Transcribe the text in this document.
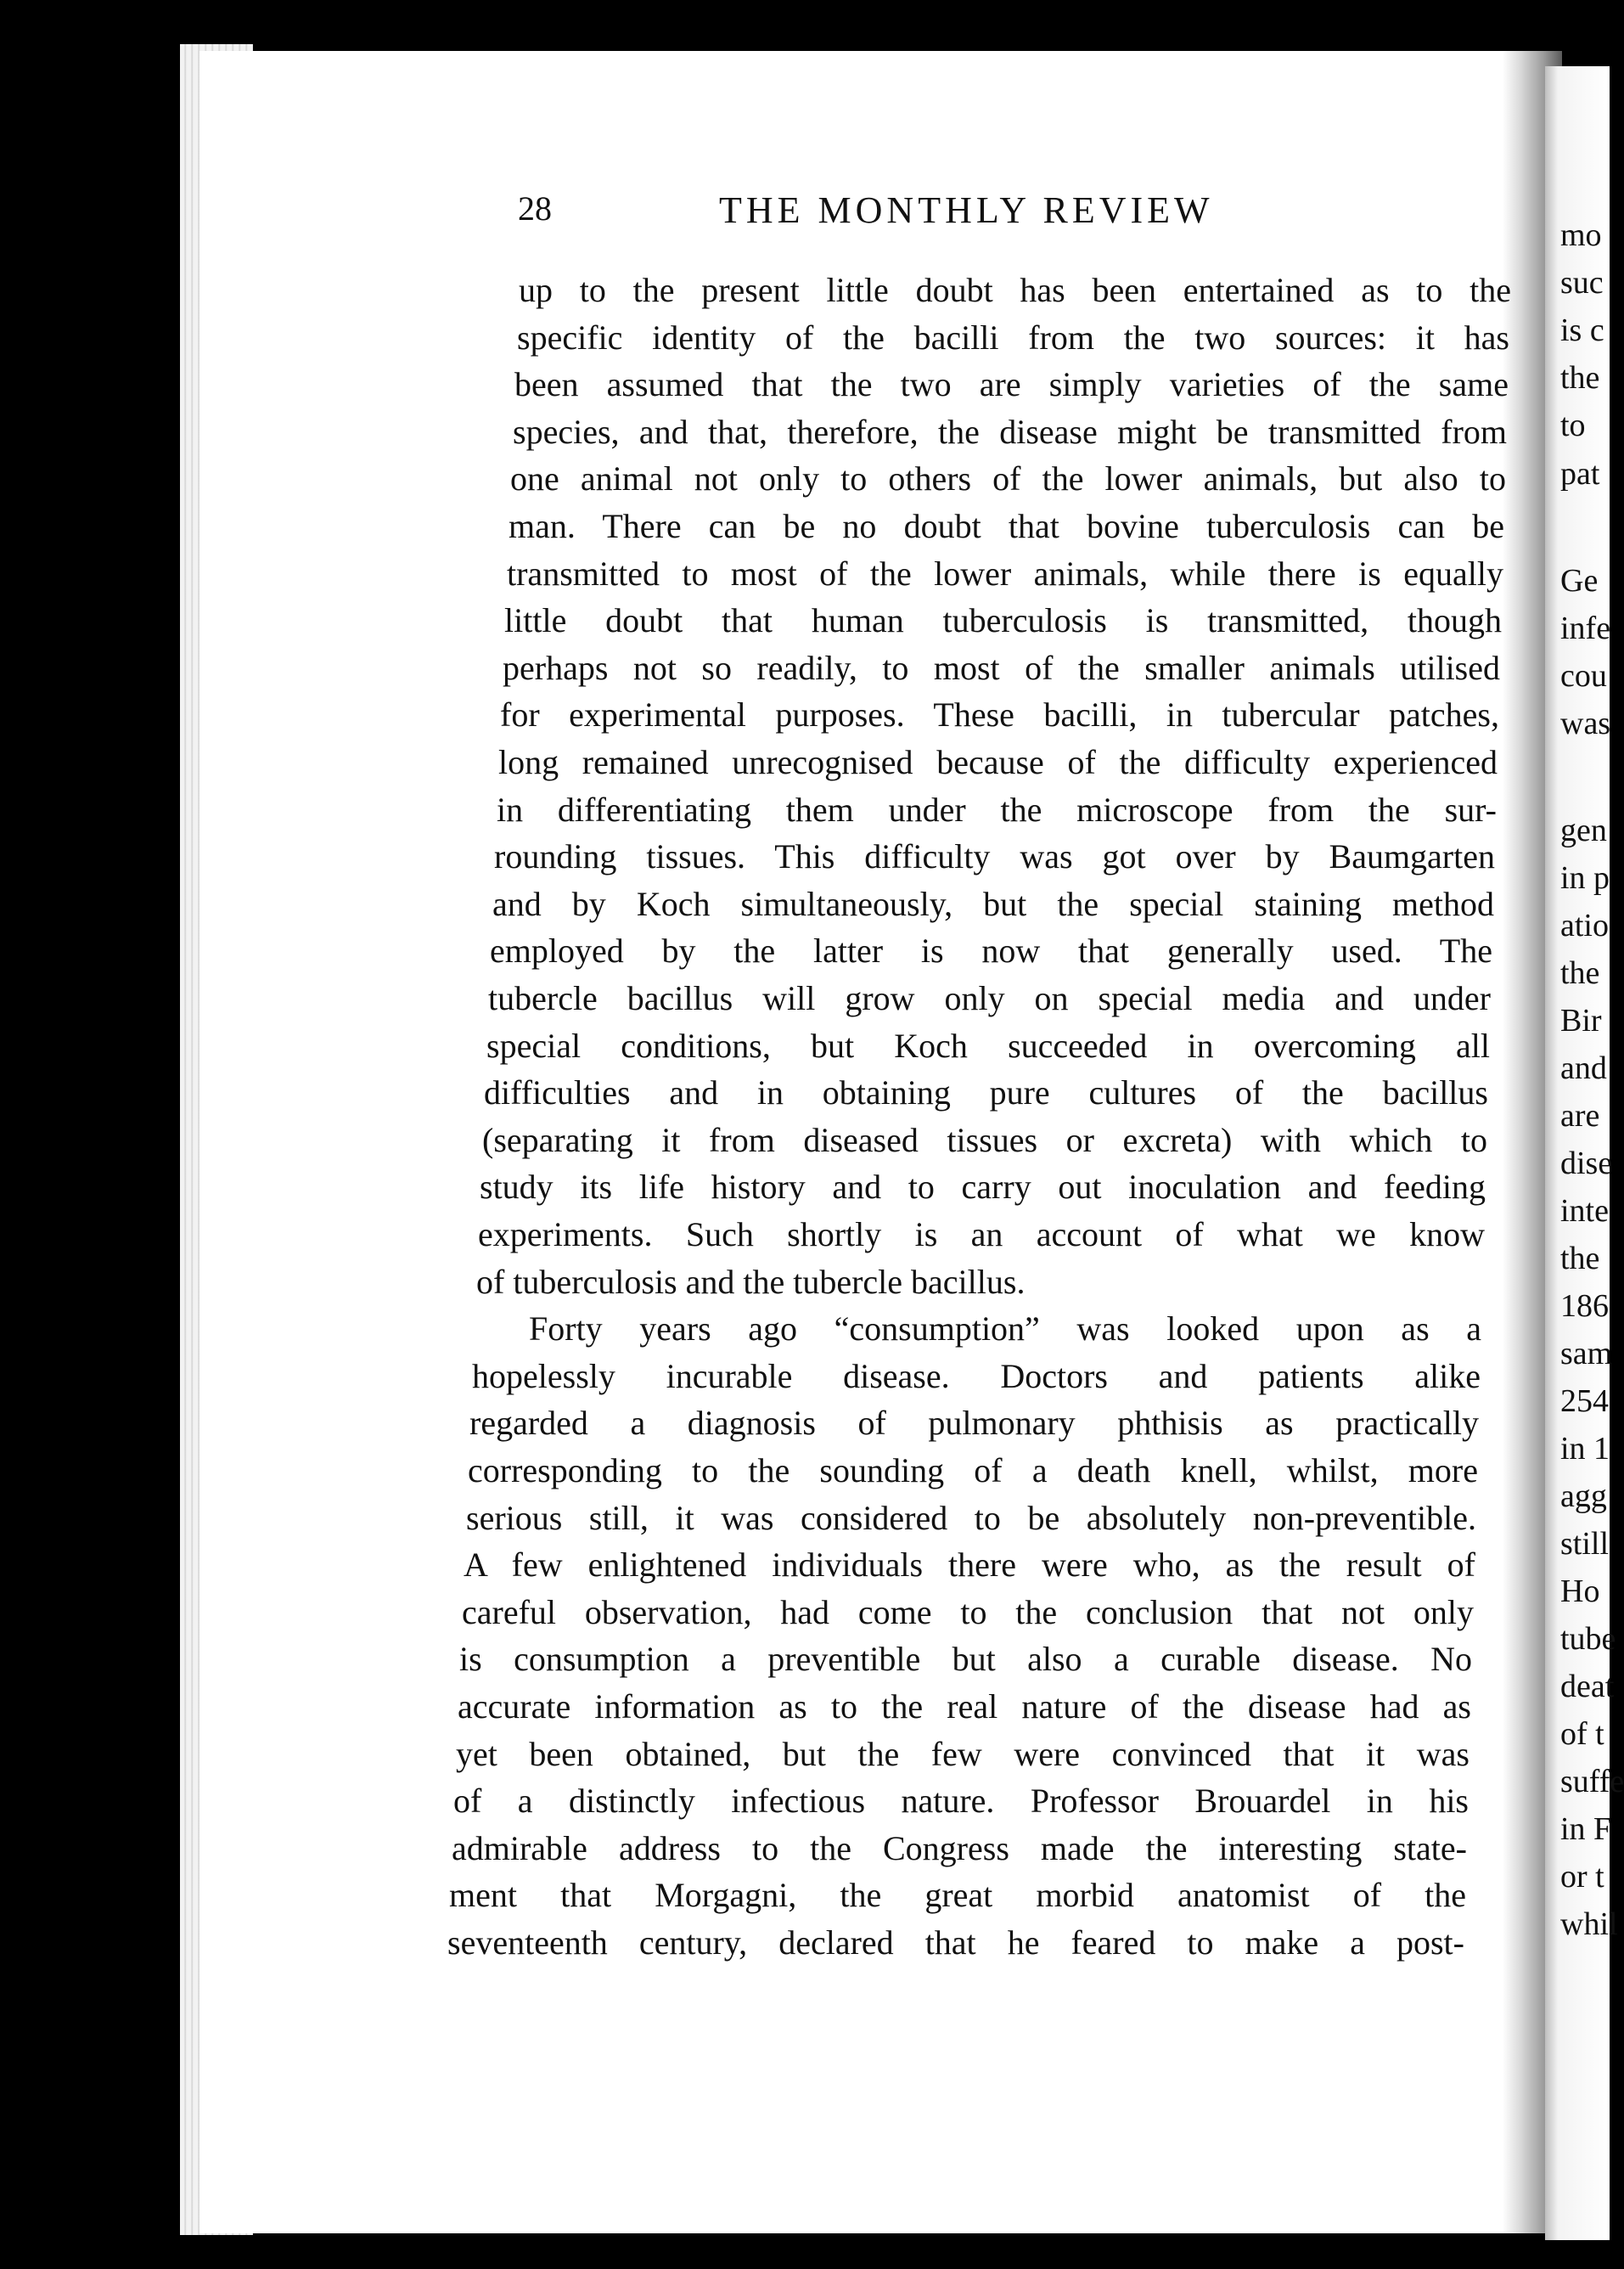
mo
suc
is c
the
to
pat
Ge
infe
cou
was
gen
in p
atio
the
Bir
and
are
dise
inte
the
186
sam
254
in 1
agg
still
Ho
tube
deat
of t
suffe
in F
or t
whil
28	THE MONTHLY REVIEW
up to the present little doubt has been entertained as to the
specific identity of the bacilli from the two sources: it has
been assumed that the two are simply varieties of the same
species, and that, therefore, the disease might be transmitted from
one animal not only to others of the lower animals, but also to
man. There can be no doubt that bovine tuberculosis can be
transmitted to most of the lower animals, while there is equally
little doubt that human tuberculosis is transmitted, though
perhaps not so readily, to most of the smaller animals utilised
for experimental purposes. These bacilli, in tubercular patches,
long remained unrecognised because of the difficulty experienced
in differentiating them under the microscope from the sur-
rounding tissues. This difficulty was got over by Baumgarten
and by Koch simultaneously, but the special staining method
employed by the latter is now that generally used. The
tubercle bacillus will grow only on special media and under
special conditions, but Koch succeeded in overcoming all
difficulties and in obtaining pure cultures of the bacillus
(separating it from diseased tissues or excreta) with which to
study its life history and to carry out inoculation and feeding
experiments. Such shortly is an account of what we know
of tuberculosis and the tubercle bacillus.
Forty years ago “consumption” was looked upon as a
hopelessly incurable disease. Doctors and patients alike
regarded a diagnosis of pulmonary phthisis as practically
corresponding to the sounding of a death knell, whilst, more
serious still, it was considered to be absolutely non-preventible.
A few enlightened individuals there were who, as the result of
careful observation, had come to the conclusion that not only
is consumption a preventible but also a curable disease. No
accurate information as to the real nature of the disease had as
yet been obtained, but the few were convinced that it was
of a distinctly infectious nature. Professor Brouardel in his
admirable address to the Congress made the interesting state-
ment that Morgagni, the great morbid anatomist of the
seventeenth century, declared that he feared to make a post-
